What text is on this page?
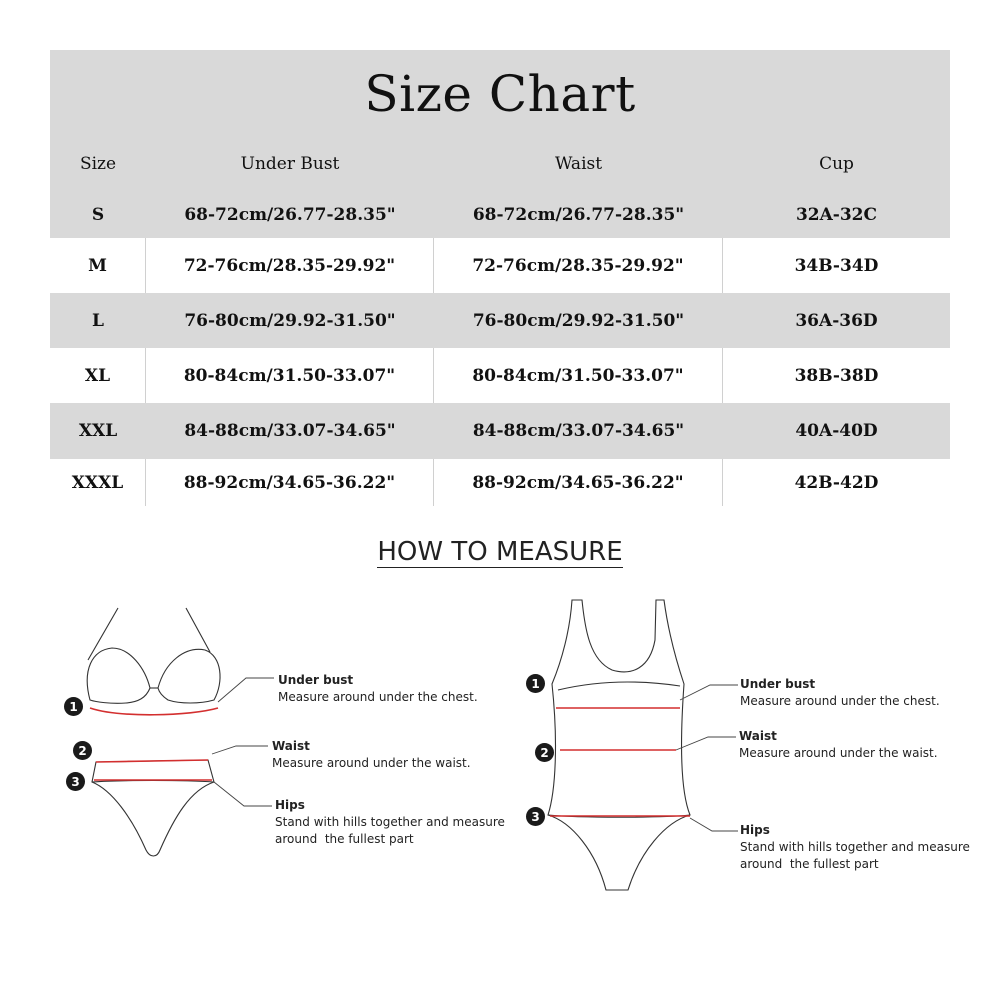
Size Chart
Size	Under Bust	Waist	Cup
S	68-72cm/26.77-28.35"	68-72cm/26.77-28.35"	32A-32C
M	72-76cm/28.35-29.92"	72-76cm/28.35-29.92"	34B-34D
L	76-80cm/29.92-31.50"	76-80cm/29.92-31.50"	36A-36D
XL	80-84cm/31.50-33.07"	80-84cm/31.50-33.07"	38B-38D
XXL	84-88cm/33.07-34.65"	84-88cm/33.07-34.65"	40A-40D
XXXL	88-92cm/34.65-36.22"	88-92cm/34.65-36.22"	42B-42D
HOW TO MEASURE
1
2
3
1
2
3
Under bust
Measure around under the chest.
Waist
Measure around under the waist.
Hips
Stand with hills together and measure
around  the fullest part
Under bust
Measure around under the chest.
Waist
Measure around under the waist.
Hips
Stand with hills together and measure
around  the fullest part
